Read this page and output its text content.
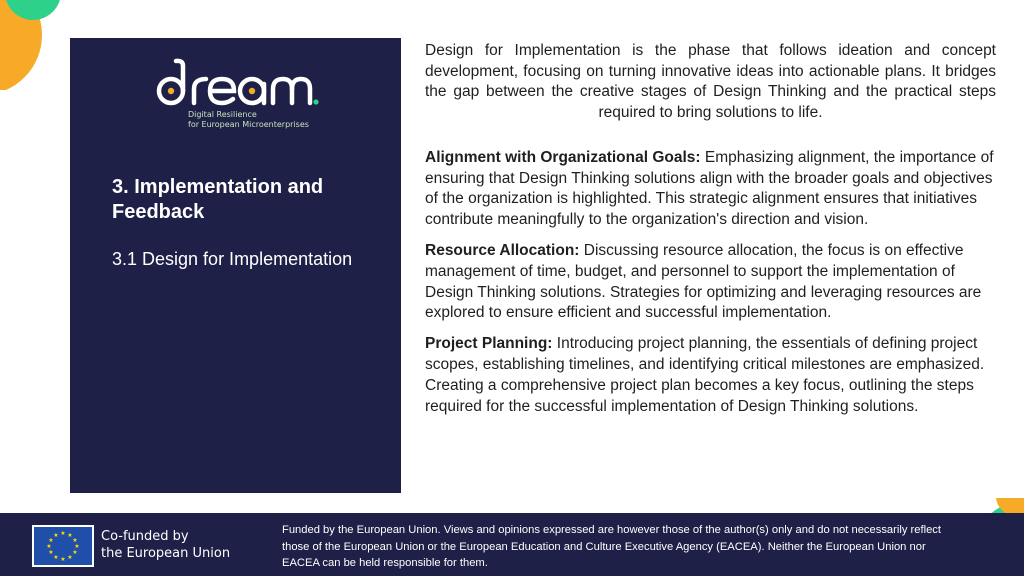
Digital Resilience
for European Microenterprises
3. Implementation and Feedback
3.1 Design for Implementation

Design for Implementation is the phase that follows ideation and concept development, focusing on turning innovative ideas into actionable plans. It bridges the gap between the creative stages of Design Thinking and the practical steps required to bring solutions to life.

Alignment with Organizational Goals: Emphasizing alignment, the importance of ensuring that Design Thinking solutions align with the broader goals and objectives of the organization is highlighted. This strategic alignment ensures that initiatives contribute meaningfully to the organization's direction and vision.

Resource Allocation: Discussing resource allocation, the focus is on effective management of time, budget, and personnel to support the implementation of Design Thinking solutions. Strategies for optimizing and leveraging resources are explored to ensure efficient and successful implementation.

Project Planning: Introducing project planning, the essentials of defining project scopes, establishing timelines, and identifying critical milestones are emphasized. Creating a comprehensive project plan becomes a key focus, outlining the steps required for the successful implementation of Design Thinking solutions.

★ ★
★
★
★
★
★
★
★
★
★
★	Co-funded by
the European Union
Funded by the European Union. Views and opinions expressed are however those of the author(s) only and do not necessarily reflect those of the European Union or the European Education and Culture Executive Agency (EACEA). Neither the European Union nor EACEA can be held responsible for them.
